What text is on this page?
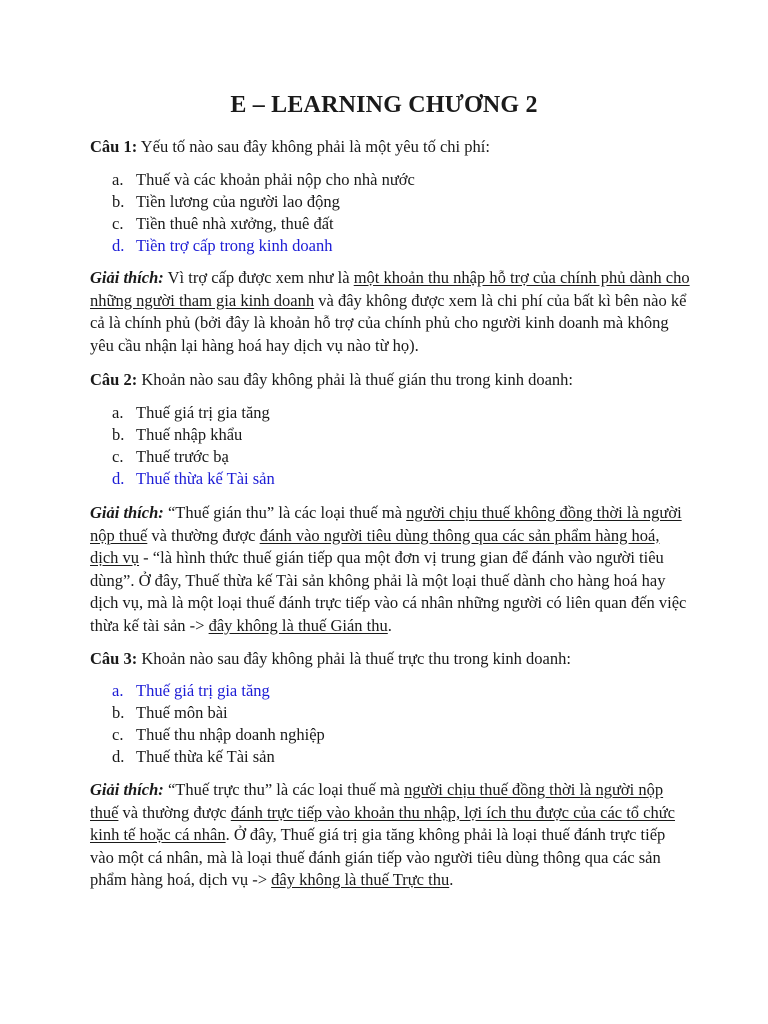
E – LEARNING CHƯƠNG 2

Câu 1: Yếu tố nào sau đây không phải là một yêu tố chi phí:

a. Thuế và các khoản phải nộp cho nhà nước
b. Tiền lương của người lao động
c. Tiền thuê nhà xưởng, thuê đất
d. Tiền trợ cấp trong kinh doanh

Giải thích: Vì trợ cấp được xem như là một khoản thu nhập hỗ trợ của chính phủ dành cho những người tham gia kinh doanh và đây không được xem là chi phí của bất kì bên nào kể cả là chính phủ (bởi đây là khoản hỗ trợ của chính phủ cho người kinh doanh mà không yêu cầu nhận lại hàng hoá hay dịch vụ nào từ họ).

Câu 2: Khoản nào sau đây không phải là thuế gián thu trong kinh doanh:

a. Thuế giá trị gia tăng
b. Thuế nhập khẩu
c. Thuế trước bạ
d. Thuế thừa kế Tài sản

Giải thích: “Thuế gián thu” là các loại thuế mà người chịu thuế không đồng thời là người nộp thuế và thường được đánh vào người tiêu dùng thông qua các sản phẩm hàng hoá, dịch vụ - “là hình thức thuế gián tiếp qua một đơn vị trung gian để đánh vào người tiêu dùng”. Ở đây, Thuế thừa kế Tài sản không phải là một loại thuế dành cho hàng hoá hay dịch vụ, mà là một loại thuế đánh trực tiếp vào cá nhân những người có liên quan đến việc thừa kế tài sản -> đây không là thuế Gián thu.

Câu 3: Khoản nào sau đây không phải là thuế trực thu trong kinh doanh:

a. Thuế giá trị gia tăng
b. Thuế môn bài
c. Thuế thu nhập doanh nghiệp
d. Thuế thừa kế Tài sản

Giải thích: “Thuế trực thu” là các loại thuế mà người chịu thuế đồng thời là người nộp thuế và thường được đánh trực tiếp vào khoản thu nhập, lợi ích thu được của các tổ chức kinh tế hoặc cá nhân. Ở đây, Thuế giá trị gia tăng không phải là loại thuế đánh trực tiếp vào một cá nhân, mà là loại thuế đánh gián tiếp vào người tiêu dùng thông qua các sản phẩm hàng hoá, dịch vụ -> đây không là thuế Trực thu.
